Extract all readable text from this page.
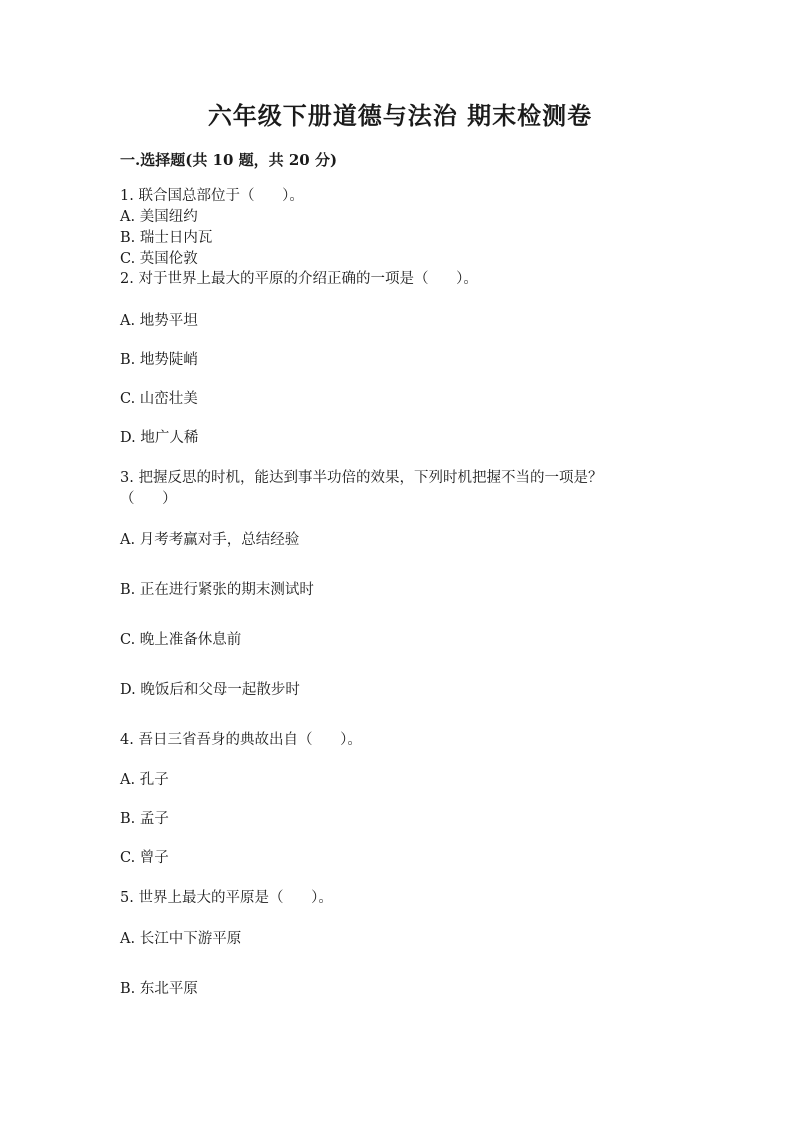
六年级下册道德与法治 期末检测卷
一.选择题(共 10 题，共 20 分)

1. 联合国总部位于（      ）。

A. 美国纽约

B. 瑞士日内瓦

C. 英国伦敦

2. 对于世界上最大的平原的介绍正确的一项是（      ）。

A. 地势平坦

B. 地势陡峭

C. 山峦壮美

D. 地广人稀

3. 把握反思的时机，能达到事半功倍的效果，下列时机把握不当的一项是？

（      ）

A. 月考考赢对手，总结经验

B. 正在进行紧张的期末测试时

C. 晚上准备休息前

D. 晚饭后和父母一起散步时

4. 吾日三省吾身的典故出自（      ）。

A. 孔子

B. 孟子

C. 曾子

5. 世界上最大的平原是（      ）。

A. 长江中下游平原

B. 东北平原
